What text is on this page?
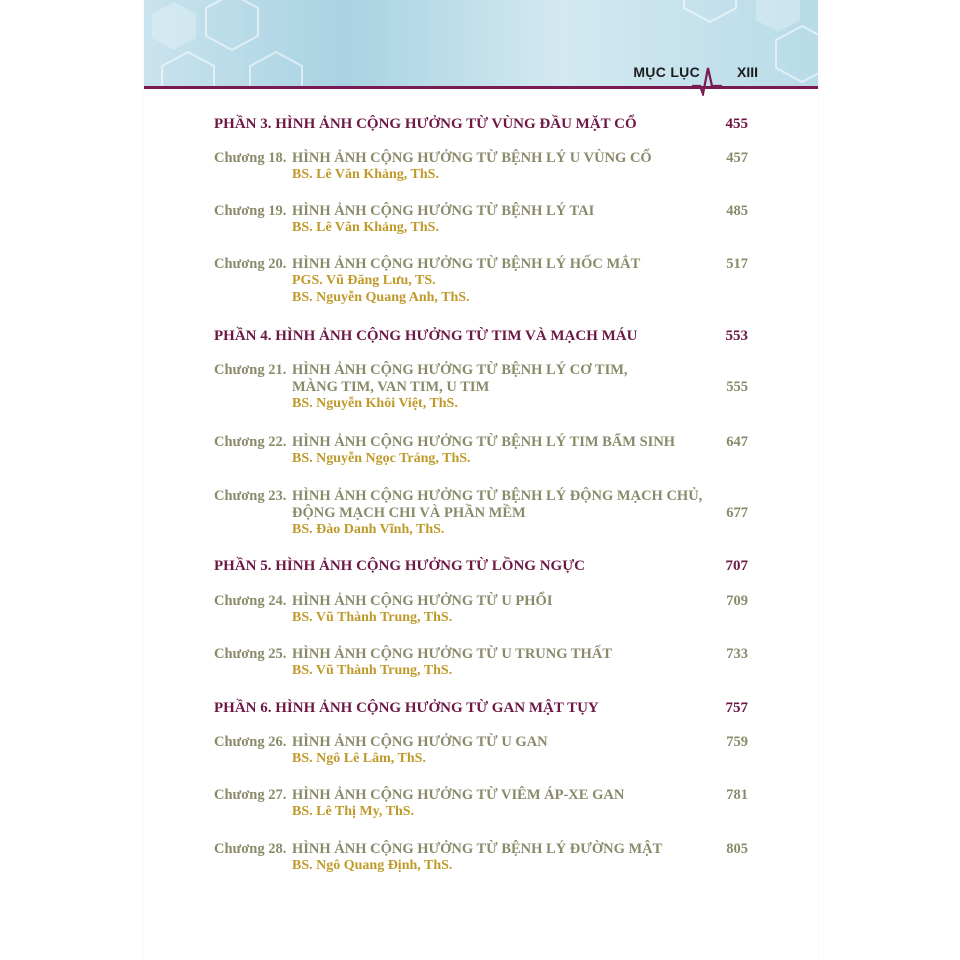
MỤC LỤC	XIII
PHẦN 3. HÌNH ẢNH CỘNG HƯỞNG TỪ VÙNG ĐẦU MẶT CỔ	455
Chương 18. HÌNH ẢNH CỘNG HƯỞNG TỪ BỆNH LÝ U VÙNG CỔ	457
BS. Lê Văn Khảng, ThS.
Chương 19. HÌNH ẢNH CỘNG HƯỞNG TỪ BỆNH LÝ TAI	485
BS. Lê Văn Khảng, ThS.
Chương 20. HÌNH ẢNH CỘNG HƯỞNG TỪ BỆNH LÝ HỐC MẮT	517
PGS. Vũ Đăng Lưu, TS.
BS. Nguyễn Quang Anh, ThS.
PHẦN 4. HÌNH ẢNH CỘNG HƯỞNG TỪ TIM VÀ MẠCH MÁU	553
Chương 21. HÌNH ẢNH CỘNG HƯỞNG TỪ BỆNH LÝ CƠ TIM,
MÀNG TIM, VAN TIM, U TIM	555
BS. Nguyễn Khôi Việt, ThS.
Chương 22. HÌNH ẢNH CỘNG HƯỞNG TỪ BỆNH LÝ TIM BẨM SINH	647
BS. Nguyễn Ngọc Tráng, ThS.
Chương 23. HÌNH ẢNH CỘNG HƯỞNG TỪ BỆNH LÝ ĐỘNG MẠCH CHỦ,
ĐỘNG MẠCH CHI VÀ PHẦN MỀM	677
BS. Đào Danh Vĩnh, ThS.
PHẦN 5. HÌNH ẢNH CỘNG HƯỞNG TỪ LỒNG NGỰC	707
Chương 24. HÌNH ẢNH CỘNG HƯỞNG TỪ U PHỔI	709
BS. Vũ Thành Trung, ThS.
Chương 25. HÌNH ẢNH CỘNG HƯỞNG TỪ U TRUNG THẤT	733
BS. Vũ Thành Trung, ThS.
PHẦN 6. HÌNH ẢNH CỘNG HƯỞNG TỪ GAN MẬT TỤY	757
Chương 26. HÌNH ẢNH CỘNG HƯỞNG TỪ U GAN	759
BS. Ngô Lê Lâm, ThS.
Chương 27. HÌNH ẢNH CỘNG HƯỞNG TỪ VIÊM ÁP-XE GAN	781
BS. Lê Thị My, ThS.
Chương 28. HÌNH ẢNH CỘNG HƯỞNG TỪ BỆNH LÝ ĐƯỜNG MẬT	805
BS. Ngô Quang Định, ThS.
